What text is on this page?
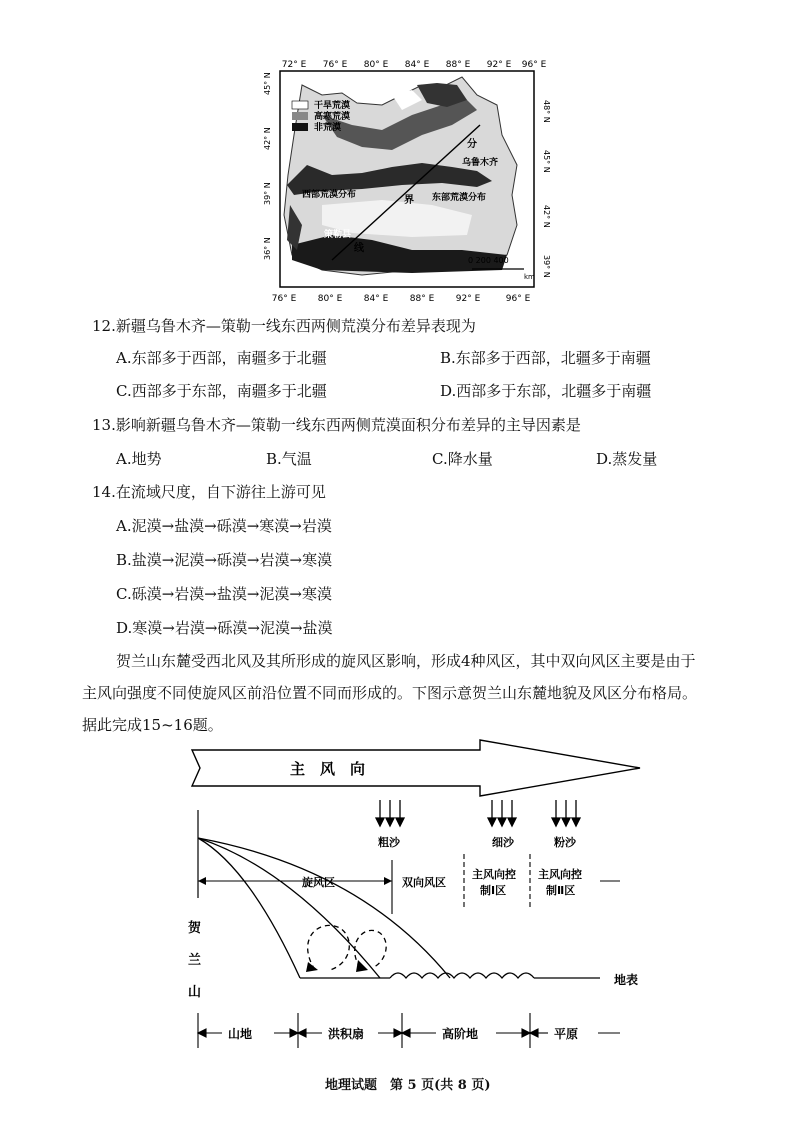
干旱荒漠
高寒荒漠
非荒漠
72° E 76° E 80° E 84° E 88° E 92° E 96° E
76° E 80° E 84° E 88° E 92° E	96° E
45° N
42° N
39° N
36° N
48° N
45° N
42° N
39° N
乌鲁木齐
西部荒漠分布	东部荒漠分布
策勒县
分
界
线
0 200 400
km
12.新疆乌鲁木齐—策勒一线东西两侧荒漠分布差异表现为
A.东部多于西部，南疆多于北疆	B.东部多于西部，北疆多于南疆
C.西部多于东部，南疆多于北疆	D.西部多于东部，北疆多于南疆
13.影响新疆乌鲁木齐—策勒一线东西两侧荒漠面积分布差异的主导因素是
A.地势	B.气温	C.降水量	D.蒸发量
14.在流域尺度，自下游往上游可见
A.泥漠→盐漠→砾漠→寒漠→岩漠
B.盐漠→泥漠→砾漠→岩漠→寒漠
C.砾漠→岩漠→盐漠→泥漠→寒漠
D.寒漠→岩漠→砾漠→泥漠→盐漠
贺兰山东麓受西北风及其所形成的旋风区影响，形成4种风区，其中双向风区主要是由于
主风向强度不同使旋风区前沿位置不同而形成的。下图示意贺兰山东麓地貌及风区分布格局。
据此完成15~16题。
主　风　向
粗沙	细沙	粉沙
贺
兰
山
地表
旋风区	双向风区
主风向控
制Ⅰ区
主风向控
制Ⅱ区
山地	洪积扇	高阶地	平原
地理试题　第 5 页(共 8 页)
